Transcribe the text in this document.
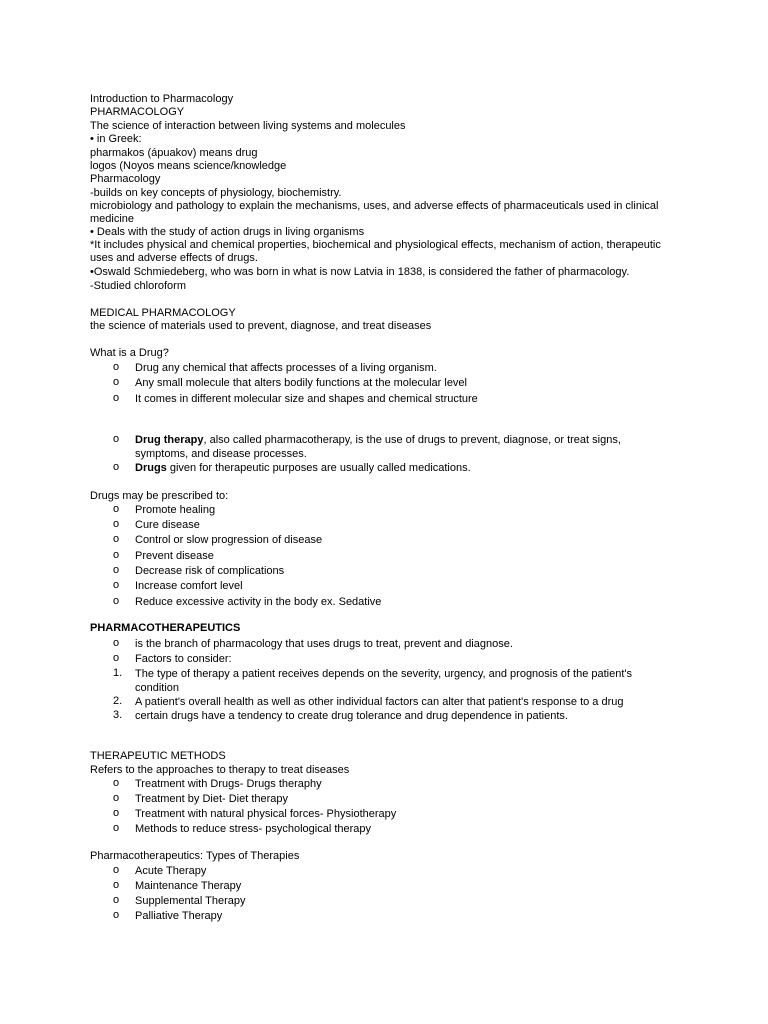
Introduction to Pharmacology
PHARMACOLOGY
The science of interaction between living systems and molecules
• in Greek:
pharmakos (ápuakov) means drug
logos (Noyos means science/knowledge
Pharmacology
-builds on key concepts of physiology, biochemistry.
microbiology and pathology to explain the mechanisms, uses, and adverse effects of pharmaceuticals used in clinical medicine
• Deals with the study of action drugs in living organisms
*It includes physical and chemical properties, biochemical and physiological effects, mechanism of action, therapeutic uses and adverse effects of drugs.
•Oswald Schmiedeberg, who was born in what is now Latvia in 1838, is considered the father of pharmacology.
-Studied chloroform
MEDICAL PHARMACOLOGY
the science of materials used to prevent, diagnose, and treat diseases
What is a Drug?
o Drug any chemical that affects processes of a living organism.
o Any small molecule that alters bodily functions at the molecular level
o It comes in different molecular size and shapes and chemical structure
o Drug therapy, also called pharmacotherapy, is the use of drugs to prevent, diagnose, or treat signs, symptoms, and disease processes.
o Drugs given for therapeutic purposes are usually called medications.
Drugs may be prescribed to:
o Promote healing
o Cure disease
o Control or slow progression of disease
o Prevent disease
o Decrease risk of complications
o Increase comfort level
o Reduce excessive activity in the body ex. Sedative
PHARMACOTHERAPEUTICS
o is the branch of pharmacology that uses drugs to treat, prevent and diagnose.
o Factors to consider:
1. The type of therapy a patient receives depends on the severity, urgency, and prognosis of the patient's condition
2. A patient's overall health as well as other individual factors can alter that patient's response to a drug
3. certain drugs have a tendency to create drug tolerance and drug dependence in patients.
THERAPEUTIC METHODS
Refers to the approaches to therapy to treat diseases
o Treatment with Drugs- Drugs theraphy
o Treatment by Diet- Diet therapy
o Treatment with natural physical forces- Physiotherapy
o Methods to reduce stress- psychological therapy
Pharmacotherapeutics: Types of Therapies
o Acute Therapy
o Maintenance Therapy
o Supplemental Therapy
o Palliative Therapy
